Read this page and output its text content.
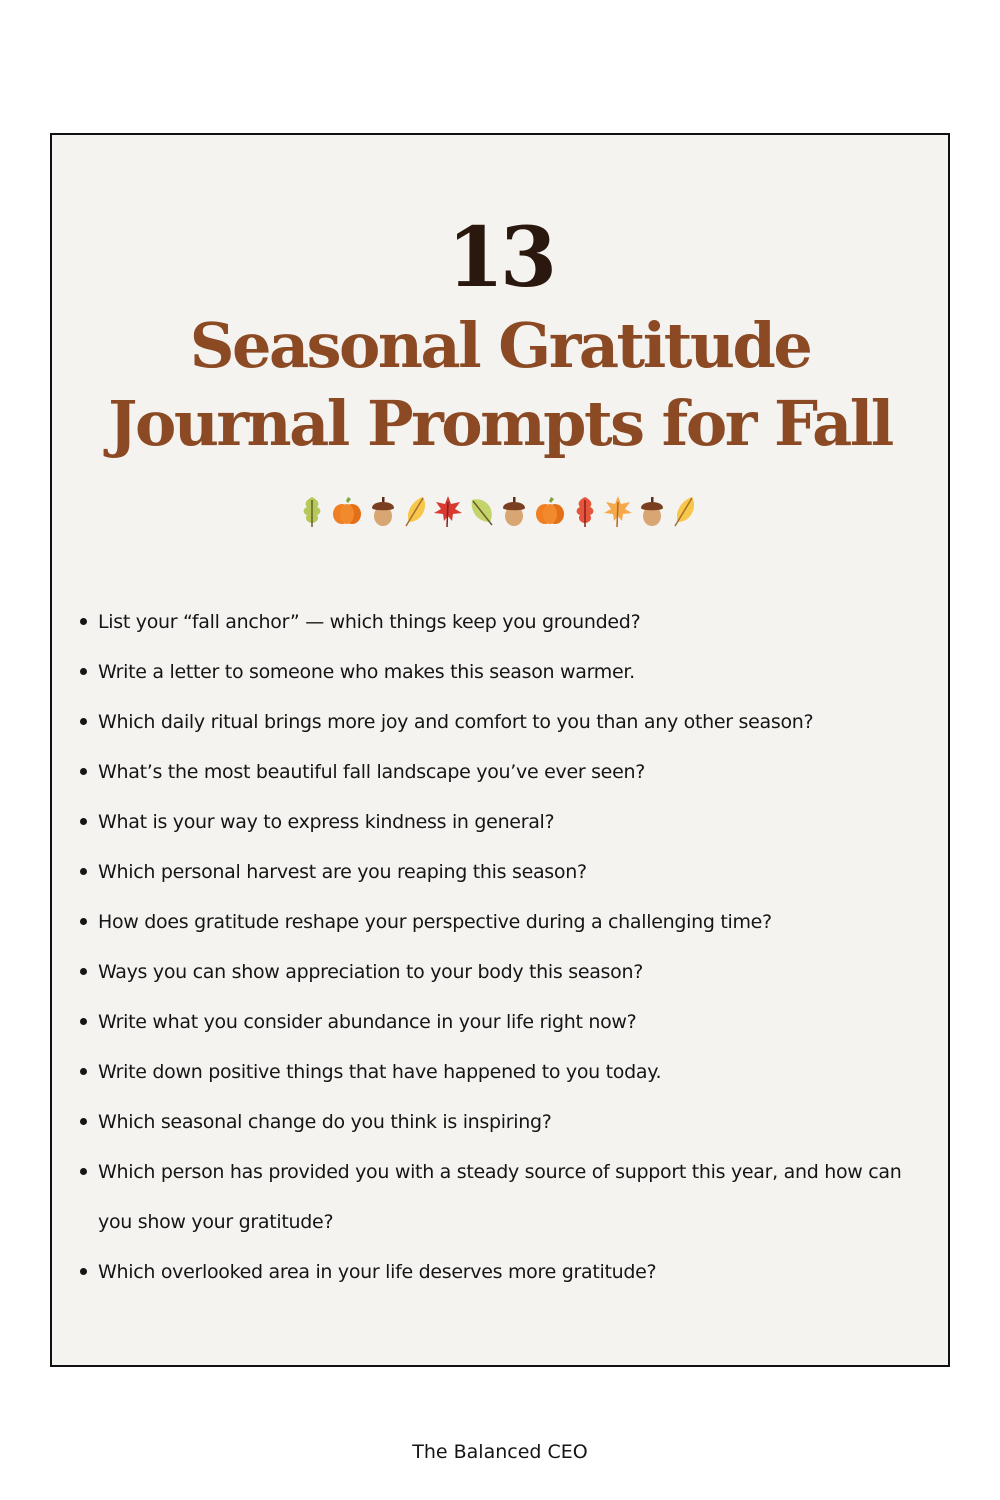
13
Seasonal Gratitude
Journal Prompts for Fall
List your “fall anchor” — which things keep you grounded?
Write a letter to someone who makes this season warmer.
Which daily ritual brings more joy and comfort to you than any other season?
What’s the most beautiful fall landscape you’ve ever seen?
What is your way to express kindness in general?
Which personal harvest are you reaping this season?
How does gratitude reshape your perspective during a challenging time?
Ways you can show appreciation to your body this season?
Write what you consider abundance in your life right now?
Write down positive things that have happened to you today.
Which seasonal change do you think is inspiring?
Which person has provided you with a steady source of support this year, and how can you show your gratitude?
Which overlooked area in your life deserves more gratitude?
The Balanced CEO
